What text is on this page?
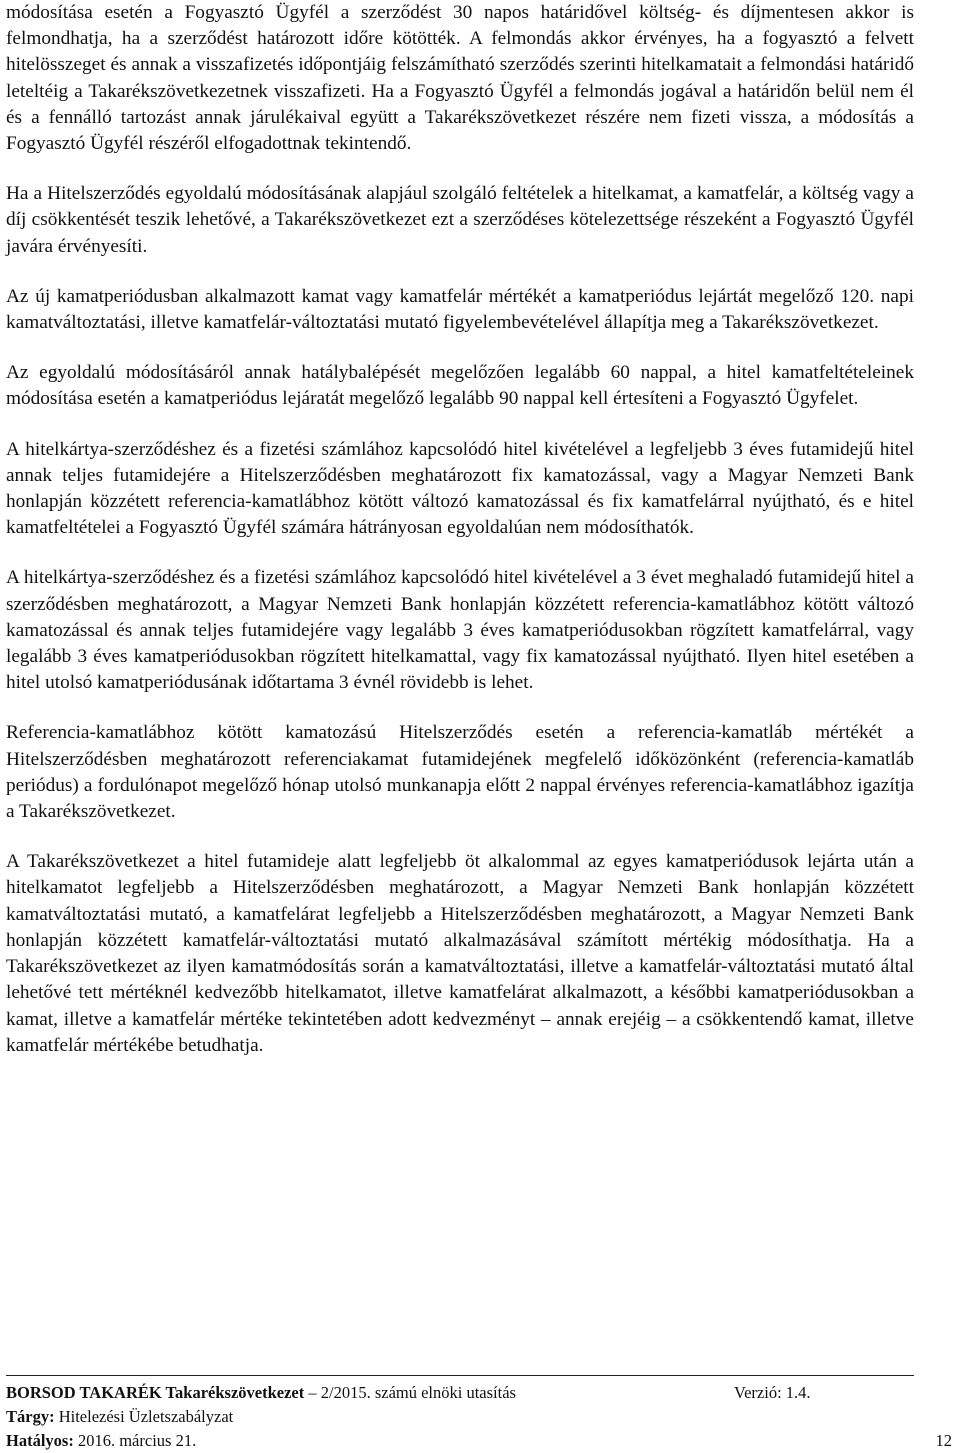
módosítása esetén a Fogyasztó Ügyfél a szerződést 30 napos határidővel költség- és díjmentesen akkor is felmondhatja, ha a szerződést határozott időre kötötték. A felmondás akkor érvényes, ha a fogyasztó a felvett hitelösszeget és annak a visszafizetés időpontjáig felszámítható szerződés szerinti hitelkamatait a felmondási határidő leteltéig a Takarékszövetkezetnek visszafizeti. Ha a Fogyasztó Ügyfél a felmondás jogával a határidőn belül nem él és a fennálló tartozást annak járulékaival együtt a Takarékszövetkezet részére nem fizeti vissza, a módosítás a Fogyasztó Ügyfél részéről elfogadottnak tekintendő.

Ha a Hitelszerződés egyoldalú módosításának alapjául szolgáló feltételek a hitelkamat, a kamatfelár, a költség vagy a díj csökkentését teszik lehetővé, a Takarékszövetkezet ezt a szerződéses kötelezettsége részeként a Fogyasztó Ügyfél javára érvényesíti.

Az új kamatperiódusban alkalmazott kamat vagy kamatfelár mértékét a kamatperiódus lejártát megelőző 120. napi kamatváltoztatási, illetve kamatfelár-változtatási mutató figyelembevételével állapítja meg a Takarékszövetkezet.

Az egyoldalú módosításáról annak hatálybalépését megelőzően legalább 60 nappal, a hitel kamatfeltételeinek módosítása esetén a kamatperiódus lejáratát megelőző legalább 90 nappal kell értesíteni a Fogyasztó Ügyfelet.

A hitelkártya-szerződéshez és a fizetési számlához kapcsolódó hitel kivételével a legfeljebb 3 éves futamidejű hitel annak teljes futamidejére a Hitelszerződésben meghatározott fix kamatozással, vagy a Magyar Nemzeti Bank honlapján közzétett referencia-kamatlábhoz kötött változó kamatozással és fix kamatfelárral nyújtható, és e hitel kamatfeltételei a Fogyasztó Ügyfél számára hátrányosan egyoldalúan nem módosíthatók.

A hitelkártya-szerződéshez és a fizetési számlához kapcsolódó hitel kivételével a 3 évet meghaladó futamidejű hitel a szerződésben meghatározott, a Magyar Nemzeti Bank honlapján közzétett referencia-kamatlábhoz kötött változó kamatozással és annak teljes futamidejére vagy legalább 3 éves kamatperiódusokban rögzített kamatfelárral, vagy legalább 3 éves kamatperiódusokban rögzített hitelkamattal, vagy fix kamatozással nyújtható. Ilyen hitel esetében a hitel utolsó kamatperiódusának időtartama 3 évnél rövidebb is lehet.

Referencia-kamatlábhoz kötött kamatozású Hitelszerződés esetén a referencia-kamatláb mértékét a Hitelszerződésben meghatározott referenciakamat futamidejének megfelelő időközönként (referencia-kamatláb periódus) a fordulónapot megelőző hónap utolsó munkanapja előtt 2 nappal érvényes referencia-kamatlábhoz igazítja a Takarékszövetkezet.

A Takarékszövetkezet a hitel futamideje alatt legfeljebb öt alkalommal az egyes kamatperiódusok lejárta után a hitelkamatot legfeljebb a Hitelszerződésben meghatározott, a Magyar Nemzeti Bank honlapján közzétett kamatváltoztatási mutató, a kamatfelárat legfeljebb a Hitelszerződésben meghatározott, a Magyar Nemzeti Bank honlapján közzétett kamatfelár-változtatási mutató alkalmazásával számított mértékig módosíthatja. Ha a Takarékszövetkezet az ilyen kamatmódosítás során a kamatváltoztatási, illetve a kamatfelár-változtatási mutató által lehetővé tett mértéknél kedvezőbb hitelkamatot, illetve kamatfelárat alkalmazott, a későbbi kamatperiódusokban a kamat, illetve a kamatfelár mértéke tekintetében adott kedvezményt – annak erejéig – a csökkentendő kamat, illetve kamatfelár mértékébe betudhatja.

BORSOD TAKARÉK Takarékszövetkezet – 2/2015. számú elnöki utasítás	Verzió: 1.4.
Tárgy: Hitelezési Üzletszabályzat
Hatályos: 2016. március 21.	12
